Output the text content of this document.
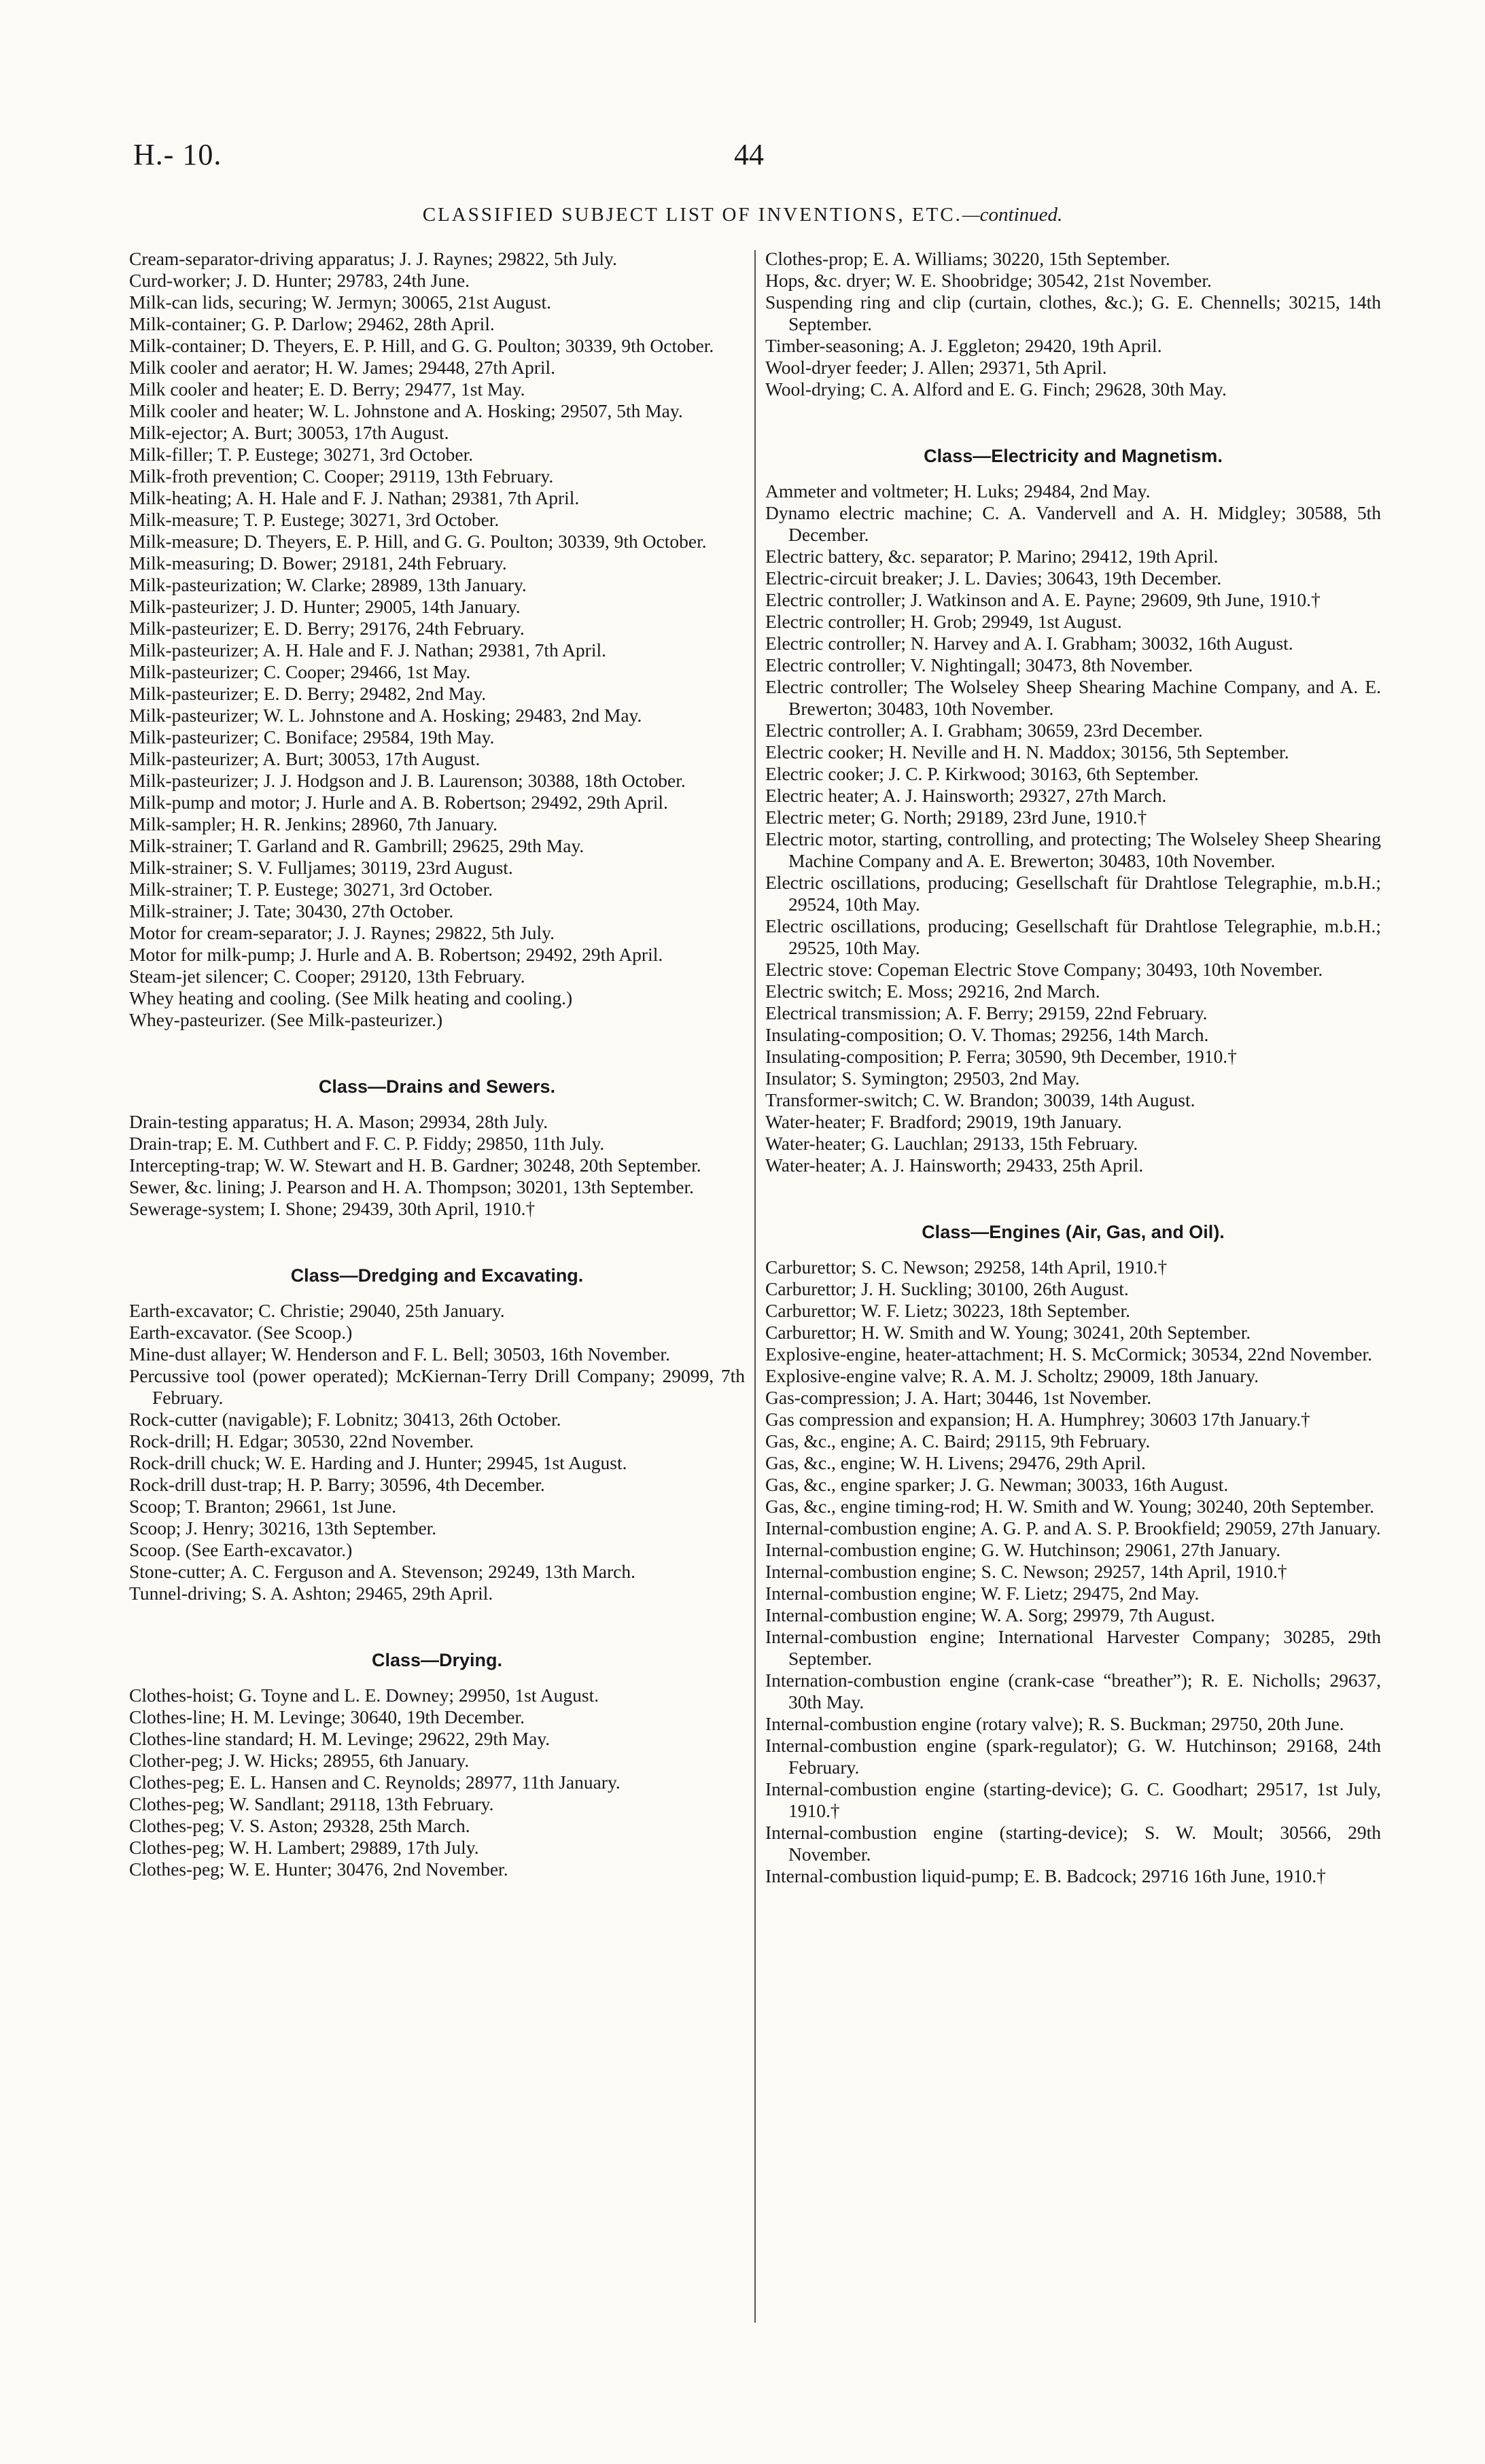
H.- 10.	44
CLASSIFIED SUBJECT LIST OF INVENTIONS, ETC.—continued.
Cream-separator-driving apparatus; J. J. Raynes; 29822, 5th July.
Curd-worker; J. D. Hunter; 29783, 24th June.
Milk-can lids, securing; W. Jermyn; 30065, 21st August.
Milk-container; G. P. Darlow; 29462, 28th April.
Milk-container; D. Theyers, E. P. Hill, and G. G. Poulton; 30339, 9th October.
Milk cooler and aerator; H. W. James; 29448, 27th April.
Milk cooler and heater; E. D. Berry; 29477, 1st May.
Milk cooler and heater; W. L. Johnstone and A. Hosking; 29507, 5th May.
Milk-ejector; A. Burt; 30053, 17th August.
Milk-filler; T. P. Eustege; 30271, 3rd October.
Milk-froth prevention; C. Cooper; 29119, 13th February.
Milk-heating; A. H. Hale and F. J. Nathan; 29381, 7th April.
Milk-measure; T. P. Eustege; 30271, 3rd October.
Milk-measure; D. Theyers, E. P. Hill, and G. G. Poulton; 30339, 9th October.
Milk-measuring; D. Bower; 29181, 24th February.
Milk-pasteurization; W. Clarke; 28989, 13th January.
Milk-pasteurizer; J. D. Hunter; 29005, 14th January.
Milk-pasteurizer; E. D. Berry; 29176, 24th February.
Milk-pasteurizer; A. H. Hale and F. J. Nathan; 29381, 7th April.
Milk-pasteurizer; C. Cooper; 29466, 1st May.
Milk-pasteurizer; E. D. Berry; 29482, 2nd May.
Milk-pasteurizer; W. L. Johnstone and A. Hosking; 29483, 2nd May.
Milk-pasteurizer; C. Boniface; 29584, 19th May.
Milk-pasteurizer; A. Burt; 30053, 17th August.
Milk-pasteurizer; J. J. Hodgson and J. B. Laurenson; 30388, 18th October.
Milk-pump and motor; J. Hurle and A. B. Robertson; 29492, 29th April.
Milk-sampler; H. R. Jenkins; 28960, 7th January.
Milk-strainer; T. Garland and R. Gambrill; 29625, 29th May.
Milk-strainer; S. V. Fulljames; 30119, 23rd August.
Milk-strainer; T. P. Eustege; 30271, 3rd October.
Milk-strainer; J. Tate; 30430, 27th October.
Motor for cream-separator; J. J. Raynes; 29822, 5th July.
Motor for milk-pump; J. Hurle and A. B. Robertson; 29492, 29th April.
Steam-jet silencer; C. Cooper; 29120, 13th February.
Whey heating and cooling. (See Milk heating and cooling.)
Whey-pasteurizer. (See Milk-pasteurizer.)
Class—Drains and Sewers.
Drain-testing apparatus; H. A. Mason; 29934, 28th July.
Drain-trap; E. M. Cuthbert and F. C. P. Fiddy; 29850, 11th July.
Intercepting-trap; W. W. Stewart and H. B. Gardner; 30248, 20th September.
Sewer, &c. lining; J. Pearson and H. A. Thompson; 30201, 13th September.
Sewerage-system; I. Shone; 29439, 30th April, 1910.†
Class—Dredging and Excavating.
Earth-excavator; C. Christie; 29040, 25th January.
Earth-excavator. (See Scoop.)
Mine-dust allayer; W. Henderson and F. L. Bell; 30503, 16th November.
Percussive tool (power operated); McKiernan-Terry Drill Company; 29099, 7th February.
Rock-cutter (navigable); F. Lobnitz; 30413, 26th October.
Rock-drill; H. Edgar; 30530, 22nd November.
Rock-drill chuck; W. E. Harding and J. Hunter; 29945, 1st August.
Rock-drill dust-trap; H. P. Barry; 30596, 4th December.
Scoop; T. Branton; 29661, 1st June.
Scoop; J. Henry; 30216, 13th September.
Scoop. (See Earth-excavator.)
Stone-cutter; A. C. Ferguson and A. Stevenson; 29249, 13th March.
Tunnel-driving; S. A. Ashton; 29465, 29th April.
Class—Drying.
Clothes-hoist; G. Toyne and L. E. Downey; 29950, 1st August.
Clothes-line; H. M. Levinge; 30640, 19th December.
Clothes-line standard; H. M. Levinge; 29622, 29th May.
Clother-peg; J. W. Hicks; 28955, 6th January.
Clothes-peg; E. L. Hansen and C. Reynolds; 28977, 11th January.
Clothes-peg; W. Sandlant; 29118, 13th February.
Clothes-peg; V. S. Aston; 29328, 25th March.
Clothes-peg; W. H. Lambert; 29889, 17th July.
Clothes-peg; W. E. Hunter; 30476, 2nd November.
Clothes-prop; E. A. Williams; 30220, 15th September.
Hops, &c. dryer; W. E. Shoobridge; 30542, 21st November.
Suspending ring and clip (curtain, clothes, &c.); G. E. Chennells; 30215, 14th September.
Timber-seasoning; A. J. Eggleton; 29420, 19th April.
Wool-dryer feeder; J. Allen; 29371, 5th April.
Wool-drying; C. A. Alford and E. G. Finch; 29628, 30th May.
Class—Electricity and Magnetism.
Ammeter and voltmeter; H. Luks; 29484, 2nd May.
Dynamo electric machine; C. A. Vandervell and A. H. Midgley; 30588, 5th December.
Electric battery, &c. separator; P. Marino; 29412, 19th April.
Electric-circuit breaker; J. L. Davies; 30643, 19th December.
Electric controller; J. Watkinson and A. E. Payne; 29609, 9th June, 1910.†
Electric controller; H. Grob; 29949, 1st August.
Electric controller; N. Harvey and A. I. Grabham; 30032, 16th August.
Electric controller; V. Nightingall; 30473, 8th November.
Electric controller; The Wolseley Sheep Shearing Machine Company, and A. E. Brewerton; 30483, 10th November.
Electric controller; A. I. Grabham; 30659, 23rd December.
Electric cooker; H. Neville and H. N. Maddox; 30156, 5th September.
Electric cooker; J. C. P. Kirkwood; 30163, 6th September.
Electric heater; A. J. Hainsworth; 29327, 27th March.
Electric meter; G. North; 29189, 23rd June, 1910.†
Electric motor, starting, controlling, and protecting; The Wolseley Sheep Shearing Machine Company and A. E. Brewerton; 30483, 10th November.
Electric oscillations, producing; Gesellschaft für Drahtlose Telegraphie, m.b.H.; 29524, 10th May.
Electric oscillations, producing; Gesellschaft für Drahtlose Telegraphie, m.b.H.; 29525, 10th May.
Electric stove: Copeman Electric Stove Company; 30493, 10th November.
Electric switch; E. Moss; 29216, 2nd March.
Electrical transmission; A. F. Berry; 29159, 22nd February.
Insulating-composition; O. V. Thomas; 29256, 14th March.
Insulating-composition; P. Ferra; 30590, 9th December, 1910.†
Insulator; S. Symington; 29503, 2nd May.
Transformer-switch; C. W. Brandon; 30039, 14th August.
Water-heater; F. Bradford; 29019, 19th January.
Water-heater; G. Lauchlan; 29133, 15th February.
Water-heater; A. J. Hainsworth; 29433, 25th April.
Class—Engines (Air, Gas, and Oil).
Carburettor; S. C. Newson; 29258, 14th April, 1910.†
Carburettor; J. H. Suckling; 30100, 26th August.
Carburettor; W. F. Lietz; 30223, 18th September.
Carburettor; H. W. Smith and W. Young; 30241, 20th September.
Explosive-engine, heater-attachment; H. S. McCormick; 30534, 22nd November.
Explosive-engine valve; R. A. M. J. Scholtz; 29009, 18th January.
Gas-compression; J. A. Hart; 30446, 1st November.
Gas compression and expansion; H. A. Humphrey; 30603 17th January.†
Gas, &c., engine; A. C. Baird; 29115, 9th February.
Gas, &c., engine; W. H. Livens; 29476, 29th April.
Gas, &c., engine sparker; J. G. Newman; 30033, 16th August.
Gas, &c., engine timing-rod; H. W. Smith and W. Young; 30240, 20th September.
Internal-combustion engine; A. G. P. and A. S. P. Brookfield; 29059, 27th January.
Internal-combustion engine; G. W. Hutchinson; 29061, 27th January.
Internal-combustion engine; S. C. Newson; 29257, 14th April, 1910.†
Internal-combustion engine; W. F. Lietz; 29475, 2nd May.
Internal-combustion engine; W. A. Sorg; 29979, 7th August.
Internal-combustion engine; International Harvester Company; 30285, 29th September.
Internation-combustion engine (crank-case “breather”); R. E. Nicholls; 29637, 30th May.
Internal-combustion engine (rotary valve); R. S. Buckman; 29750, 20th June.
Internal-combustion engine (spark-regulator); G. W. Hutchinson; 29168, 24th February.
Internal-combustion engine (starting-device); G. C. Goodhart; 29517, 1st July, 1910.†
Internal-combustion engine (starting-device); S. W. Moult; 30566, 29th November.
Internal-combustion liquid-pump; E. B. Badcock; 29716 16th June, 1910.†
